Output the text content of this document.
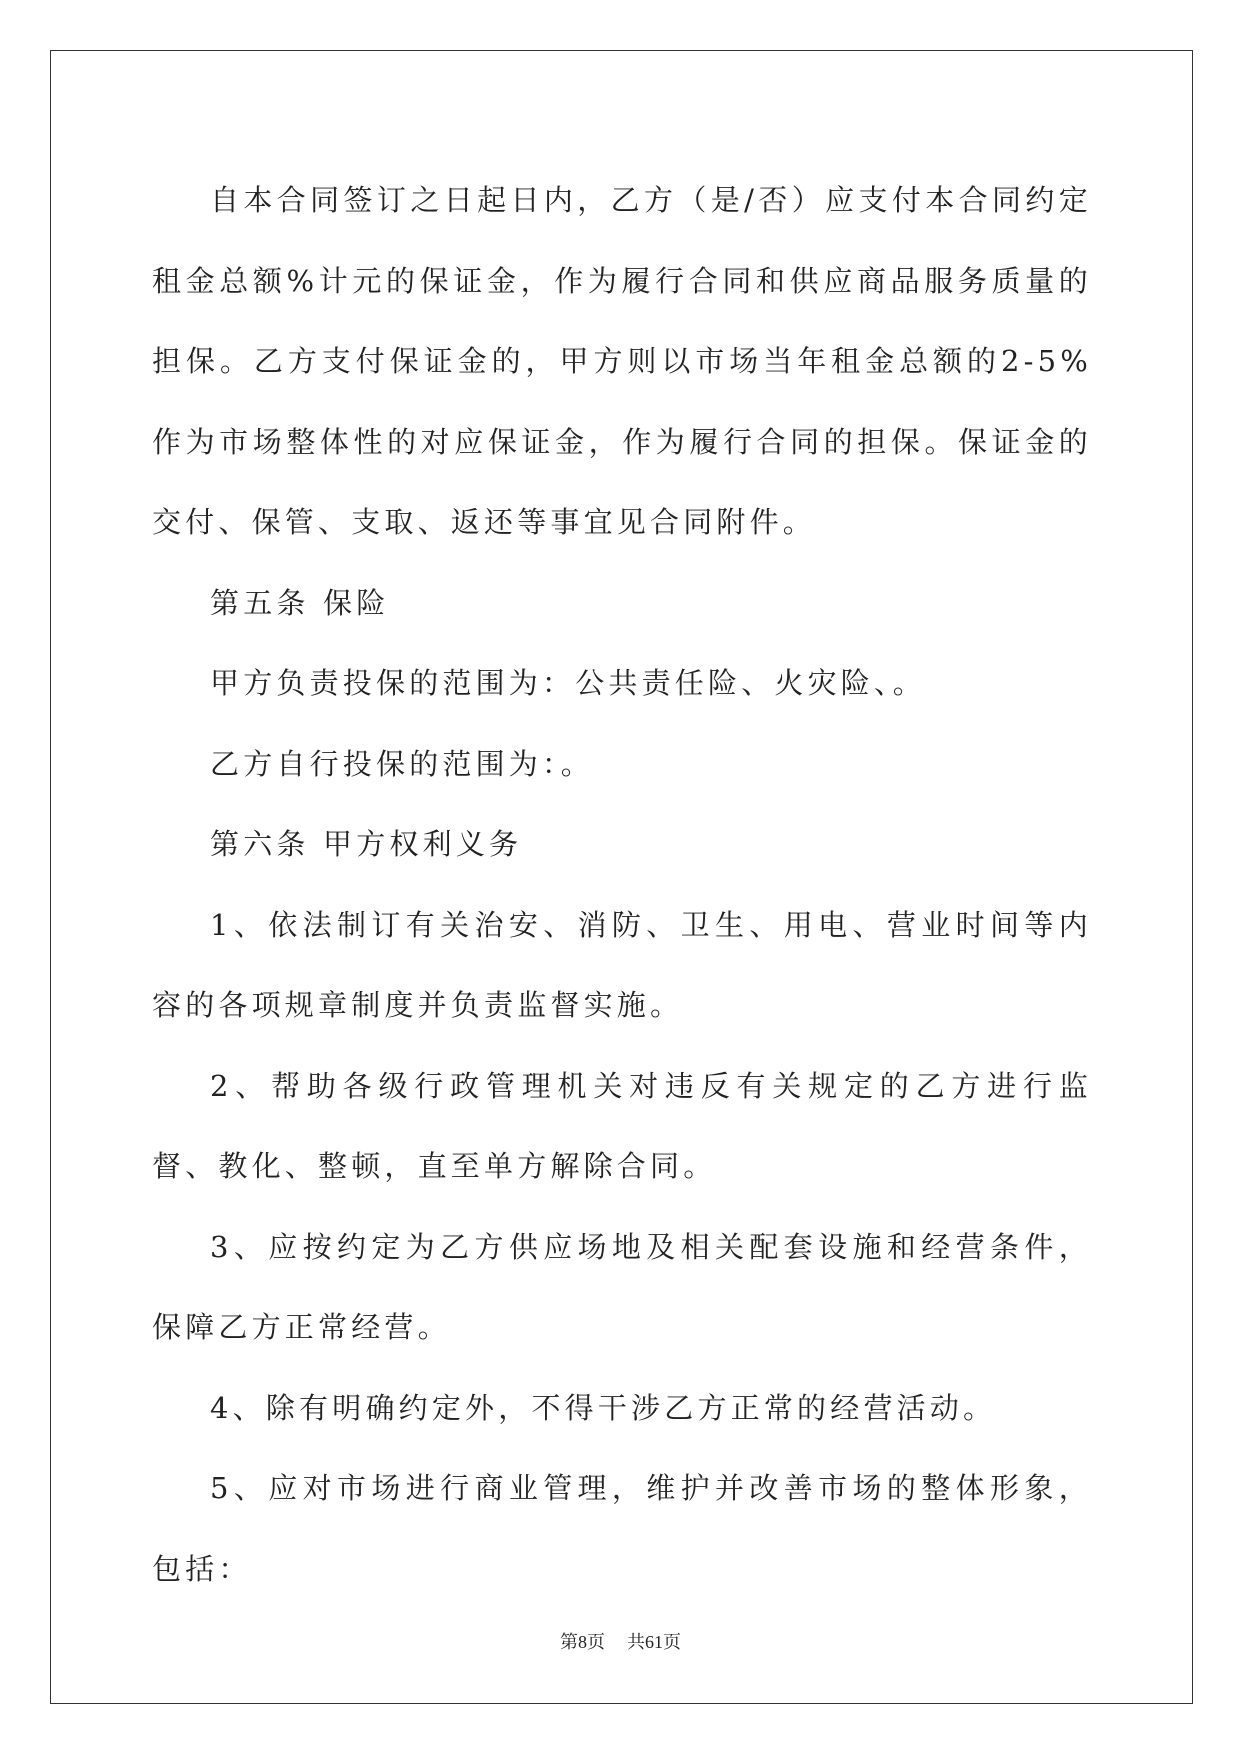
自本合同签订之日起日内，乙方（是/否）应支付本合同约定租金总额%计元的保证金，作为履行合同和供应商品服务质量的担保。乙方支付保证金的，甲方则以市场当年租金总额的2-5%作为市场整体性的对应保证金，作为履行合同的担保。保证金的交付、保管、支取、返还等事宜见合同附件。

第五条 保险

甲方负责投保的范围为：公共责任险、火灾险、。

乙方自行投保的范围为：。

第六条 甲方权利义务

1、依法制订有关治安、消防、卫生、用电、营业时间等内容的各项规章制度并负责监督实施。

2、帮助各级行政管理机关对违反有关规定的乙方进行监督、教化、整顿，直至单方解除合同。

3、应按约定为乙方供应场地及相关配套设施和经营条件，保障乙方正常经营。

4、除有明确约定外，不得干涉乙方正常的经营活动。

5、应对市场进行商业管理，维护并改善市场的整体形象，包括：

第8页 共61页
